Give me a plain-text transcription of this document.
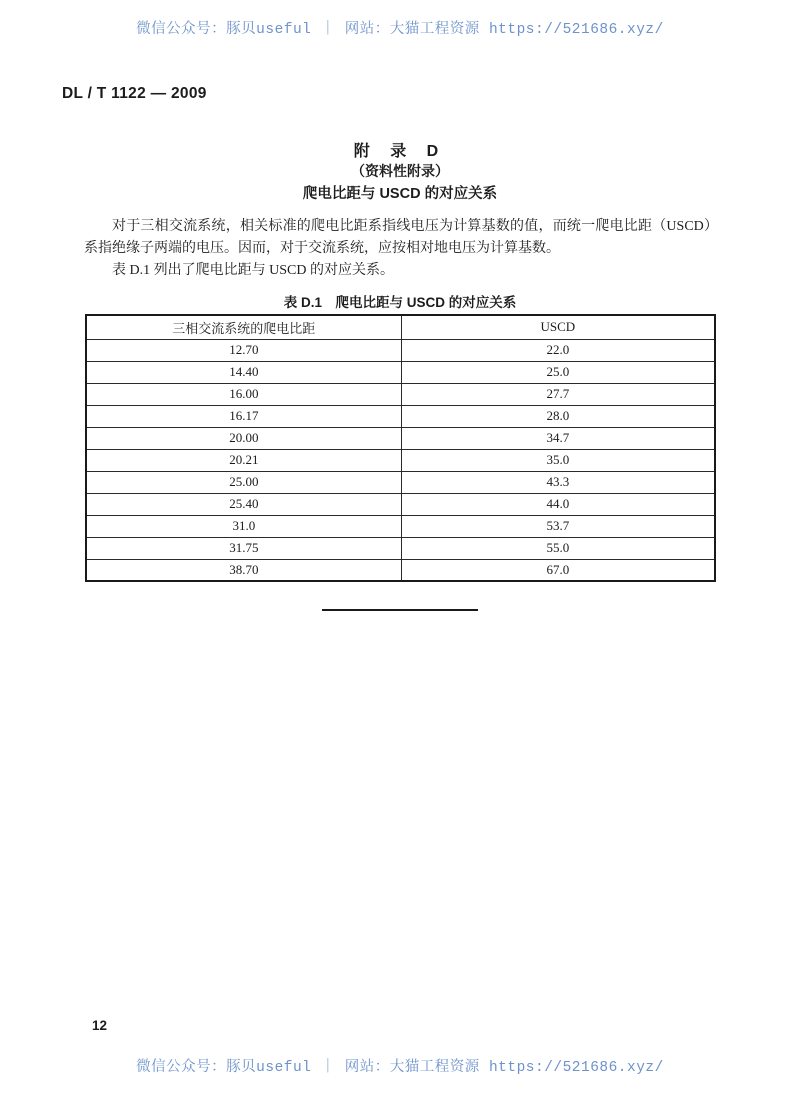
微信公众号：豚贝useful ｜ 网站：大猫工程资源 https://521686.xyz/
DL / T 1122 — 2009
附 录 D
（资料性附录）
爬电比距与 USCD 的对应关系

对于三相交流系统，相关标准的爬电比距系指线电压为计算基数的值，而统一爬电比距（USCD）系指绝缘子两端的电压。因而，对于交流系统，应按相对地电压为计算基数。

表 D.1 列出了爬电比距与 USCD 的对应关系。

表 D.1　爬电比距与 USCD 的对应关系
三相交流系统的爬电比距	USCD
12.70	22.0
14.40	25.0
16.00	27.7
16.17	28.0
20.00	34.7
20.21	35.0
25.00	43.3
25.40	44.0
31.0	53.7
31.75	55.0
38.70	67.0
12
微信公众号：豚贝useful ｜ 网站：大猫工程资源 https://521686.xyz/
